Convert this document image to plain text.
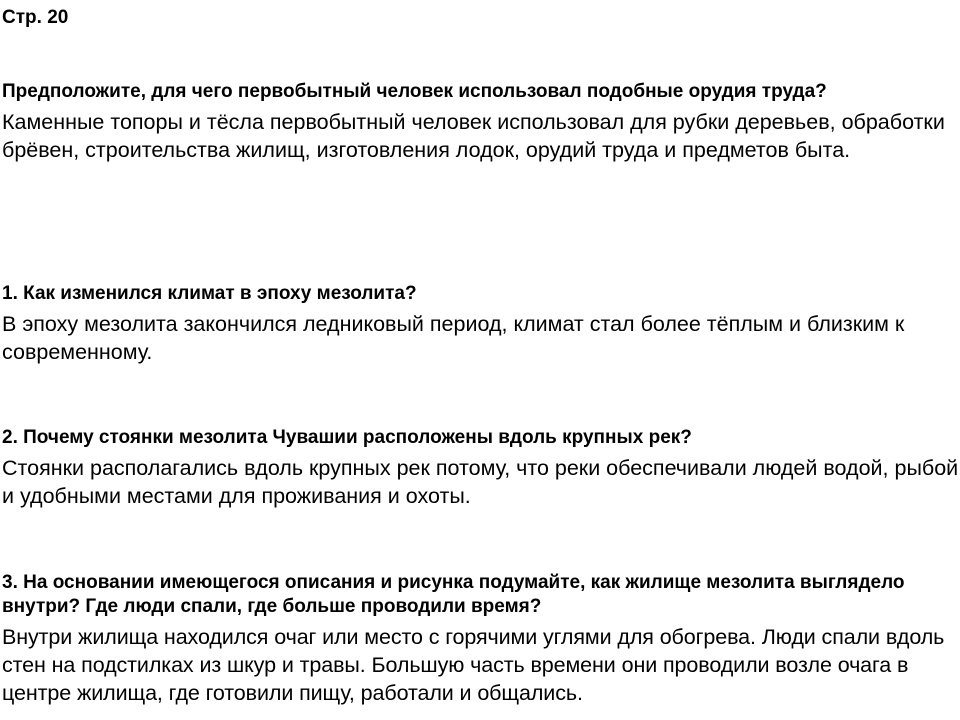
Стр. 20

Предположите, для чего первобытный человек использовал подобные орудия труда?

Каменные топоры и тёсла первобытный человек использовал для рубки деревьев, обработки брёвен, строительства жилищ, изготовления лодок, орудий труда и предметов быта.

1. Как изменился климат в эпоху мезолита?

В эпоху мезолита закончился ледниковый период, климат стал более тёплым и близким к современному.

2. Почему стоянки мезолита Чувашии расположены вдоль крупных рек?

Стоянки располагались вдоль крупных рек потому, что реки обеспечивали людей водой, рыбой и удобными местами для проживания и охоты.

3. На основании имеющегося описания и рисунка подумайте, как жилище мезолита выглядело внутри? Где люди спали, где больше проводили время?

Внутри жилища находился очаг или место с горячими углями для обогрева. Люди спали вдоль стен на подстилках из шкур и травы. Большую часть времени они проводили возле очага в центре жилища, где готовили пищу, работали и общались.
